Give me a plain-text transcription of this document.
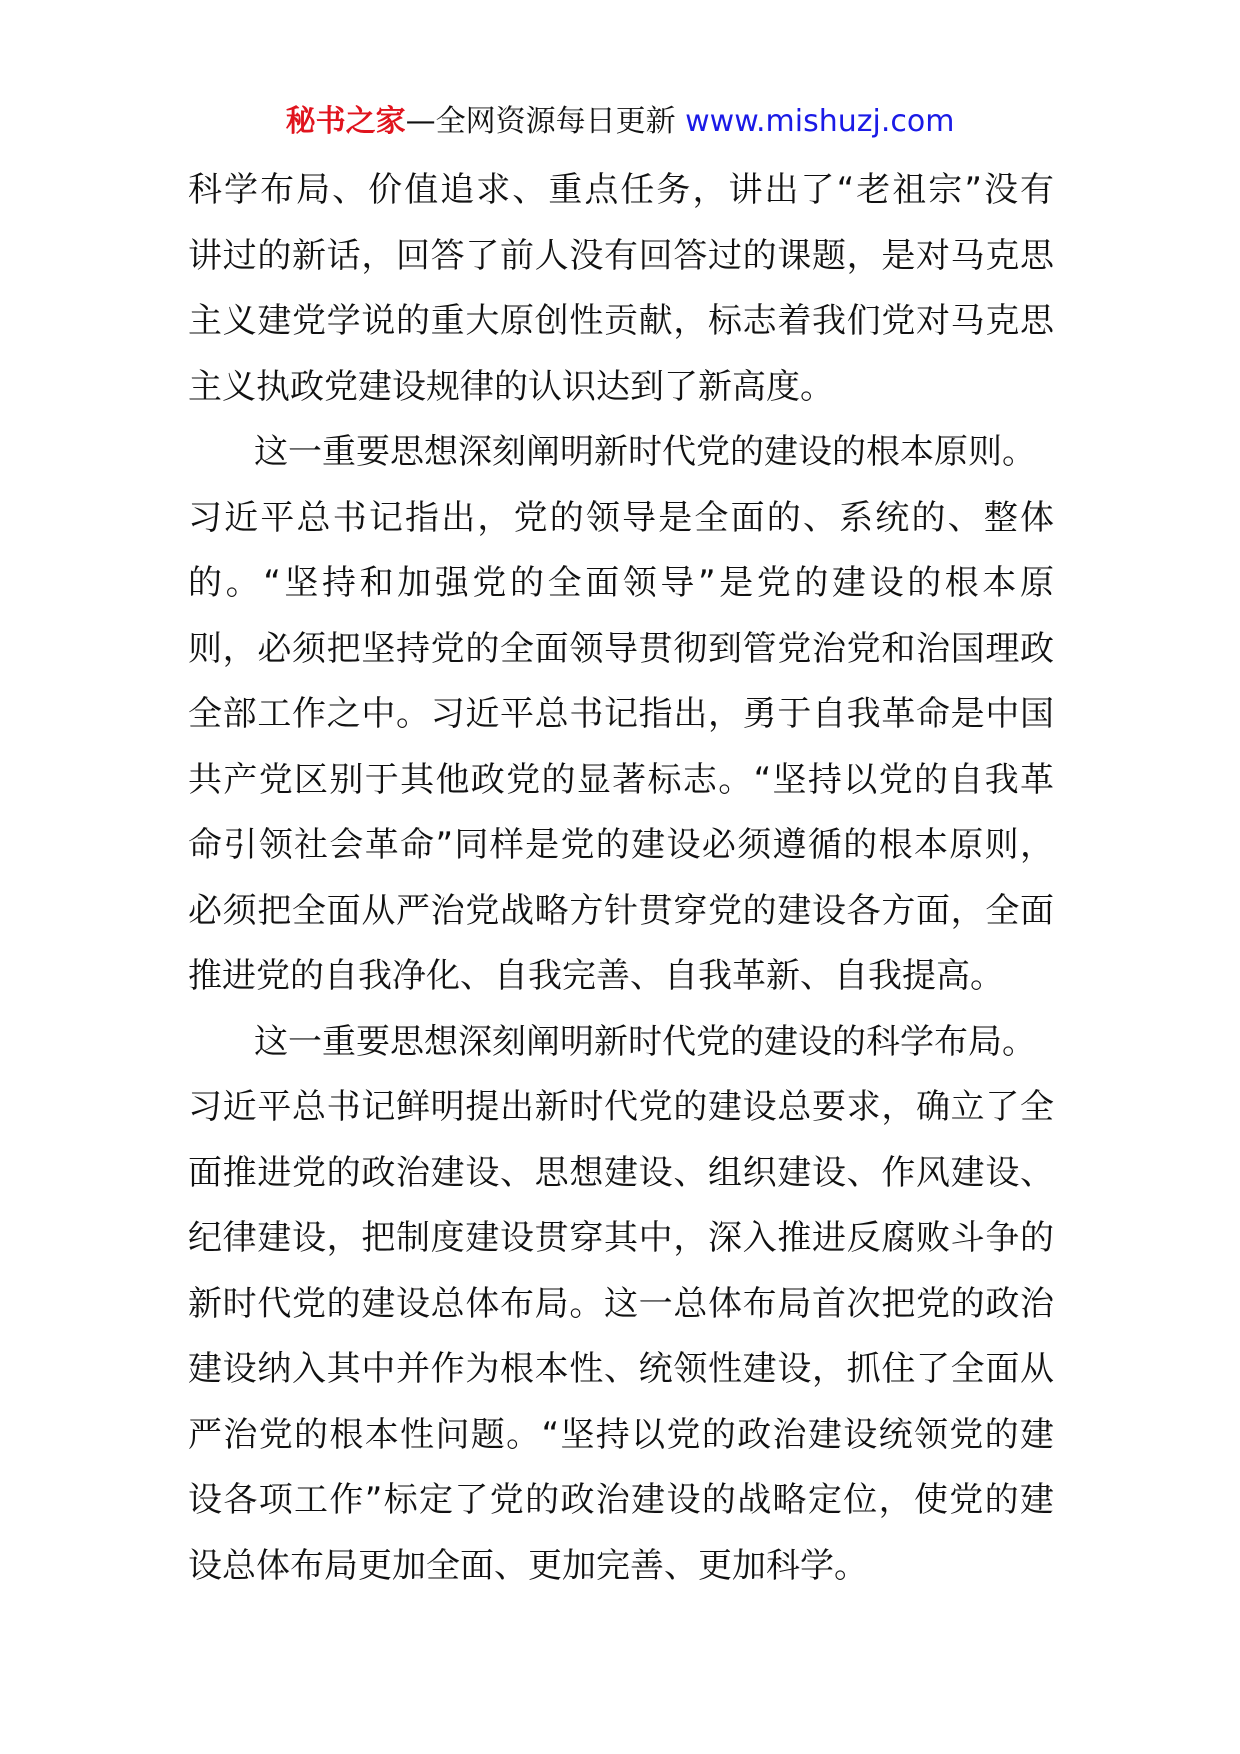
秘书之家—全网资源每日更新 www.mishuzj.com
科学布局、价值追求、重点任务，讲出了“老祖宗”没有
讲过的新话，回答了前人没有回答过的课题，是对马克思
主义建党学说的重大原创性贡献，标志着我们党对马克思
主义执政党建设规律的认识达到了新高度。
这一重要思想深刻阐明新时代党的建设的根本原则。
习近平总书记指出，党的领导是全面的、系统的、整体
的。“坚持和加强党的全面领导”是党的建设的根本原
则，必须把坚持党的全面领导贯彻到管党治党和治国理政
全部工作之中。习近平总书记指出，勇于自我革命是中国
共产党区别于其他政党的显著标志。“坚持以党的自我革
命引领社会革命”同样是党的建设必须遵循的根本原则，
必须把全面从严治党战略方针贯穿党的建设各方面，全面
推进党的自我净化、自我完善、自我革新、自我提高。
这一重要思想深刻阐明新时代党的建设的科学布局。
习近平总书记鲜明提出新时代党的建设总要求，确立了全
面推进党的政治建设、思想建设、组织建设、作风建设、
纪律建设，把制度建设贯穿其中，深入推进反腐败斗争的
新时代党的建设总体布局。这一总体布局首次把党的政治
建设纳入其中并作为根本性、统领性建设，抓住了全面从
严治党的根本性问题。“坚持以党的政治建设统领党的建
设各项工作”标定了党的政治建设的战略定位，使党的建
设总体布局更加全面、更加完善、更加科学。
